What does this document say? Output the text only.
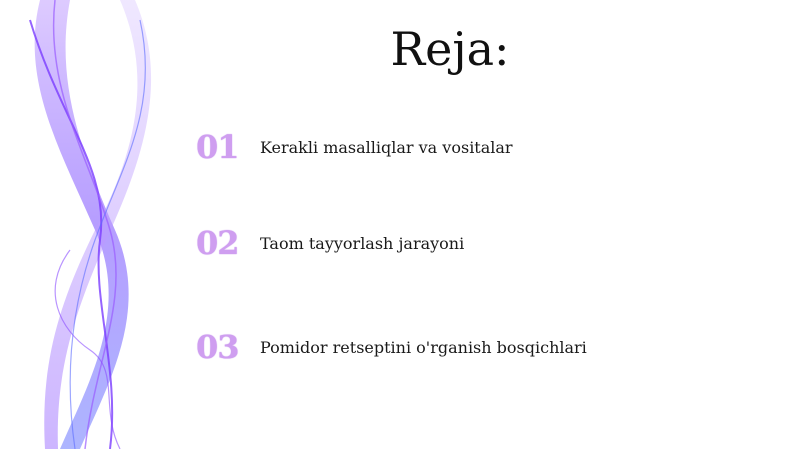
Reja:
01	Kerakli masalliqlar va vositalar
02	Taom tayyorlash jarayoni
03	Pomidor retseptini o'rganish bosqichlari
